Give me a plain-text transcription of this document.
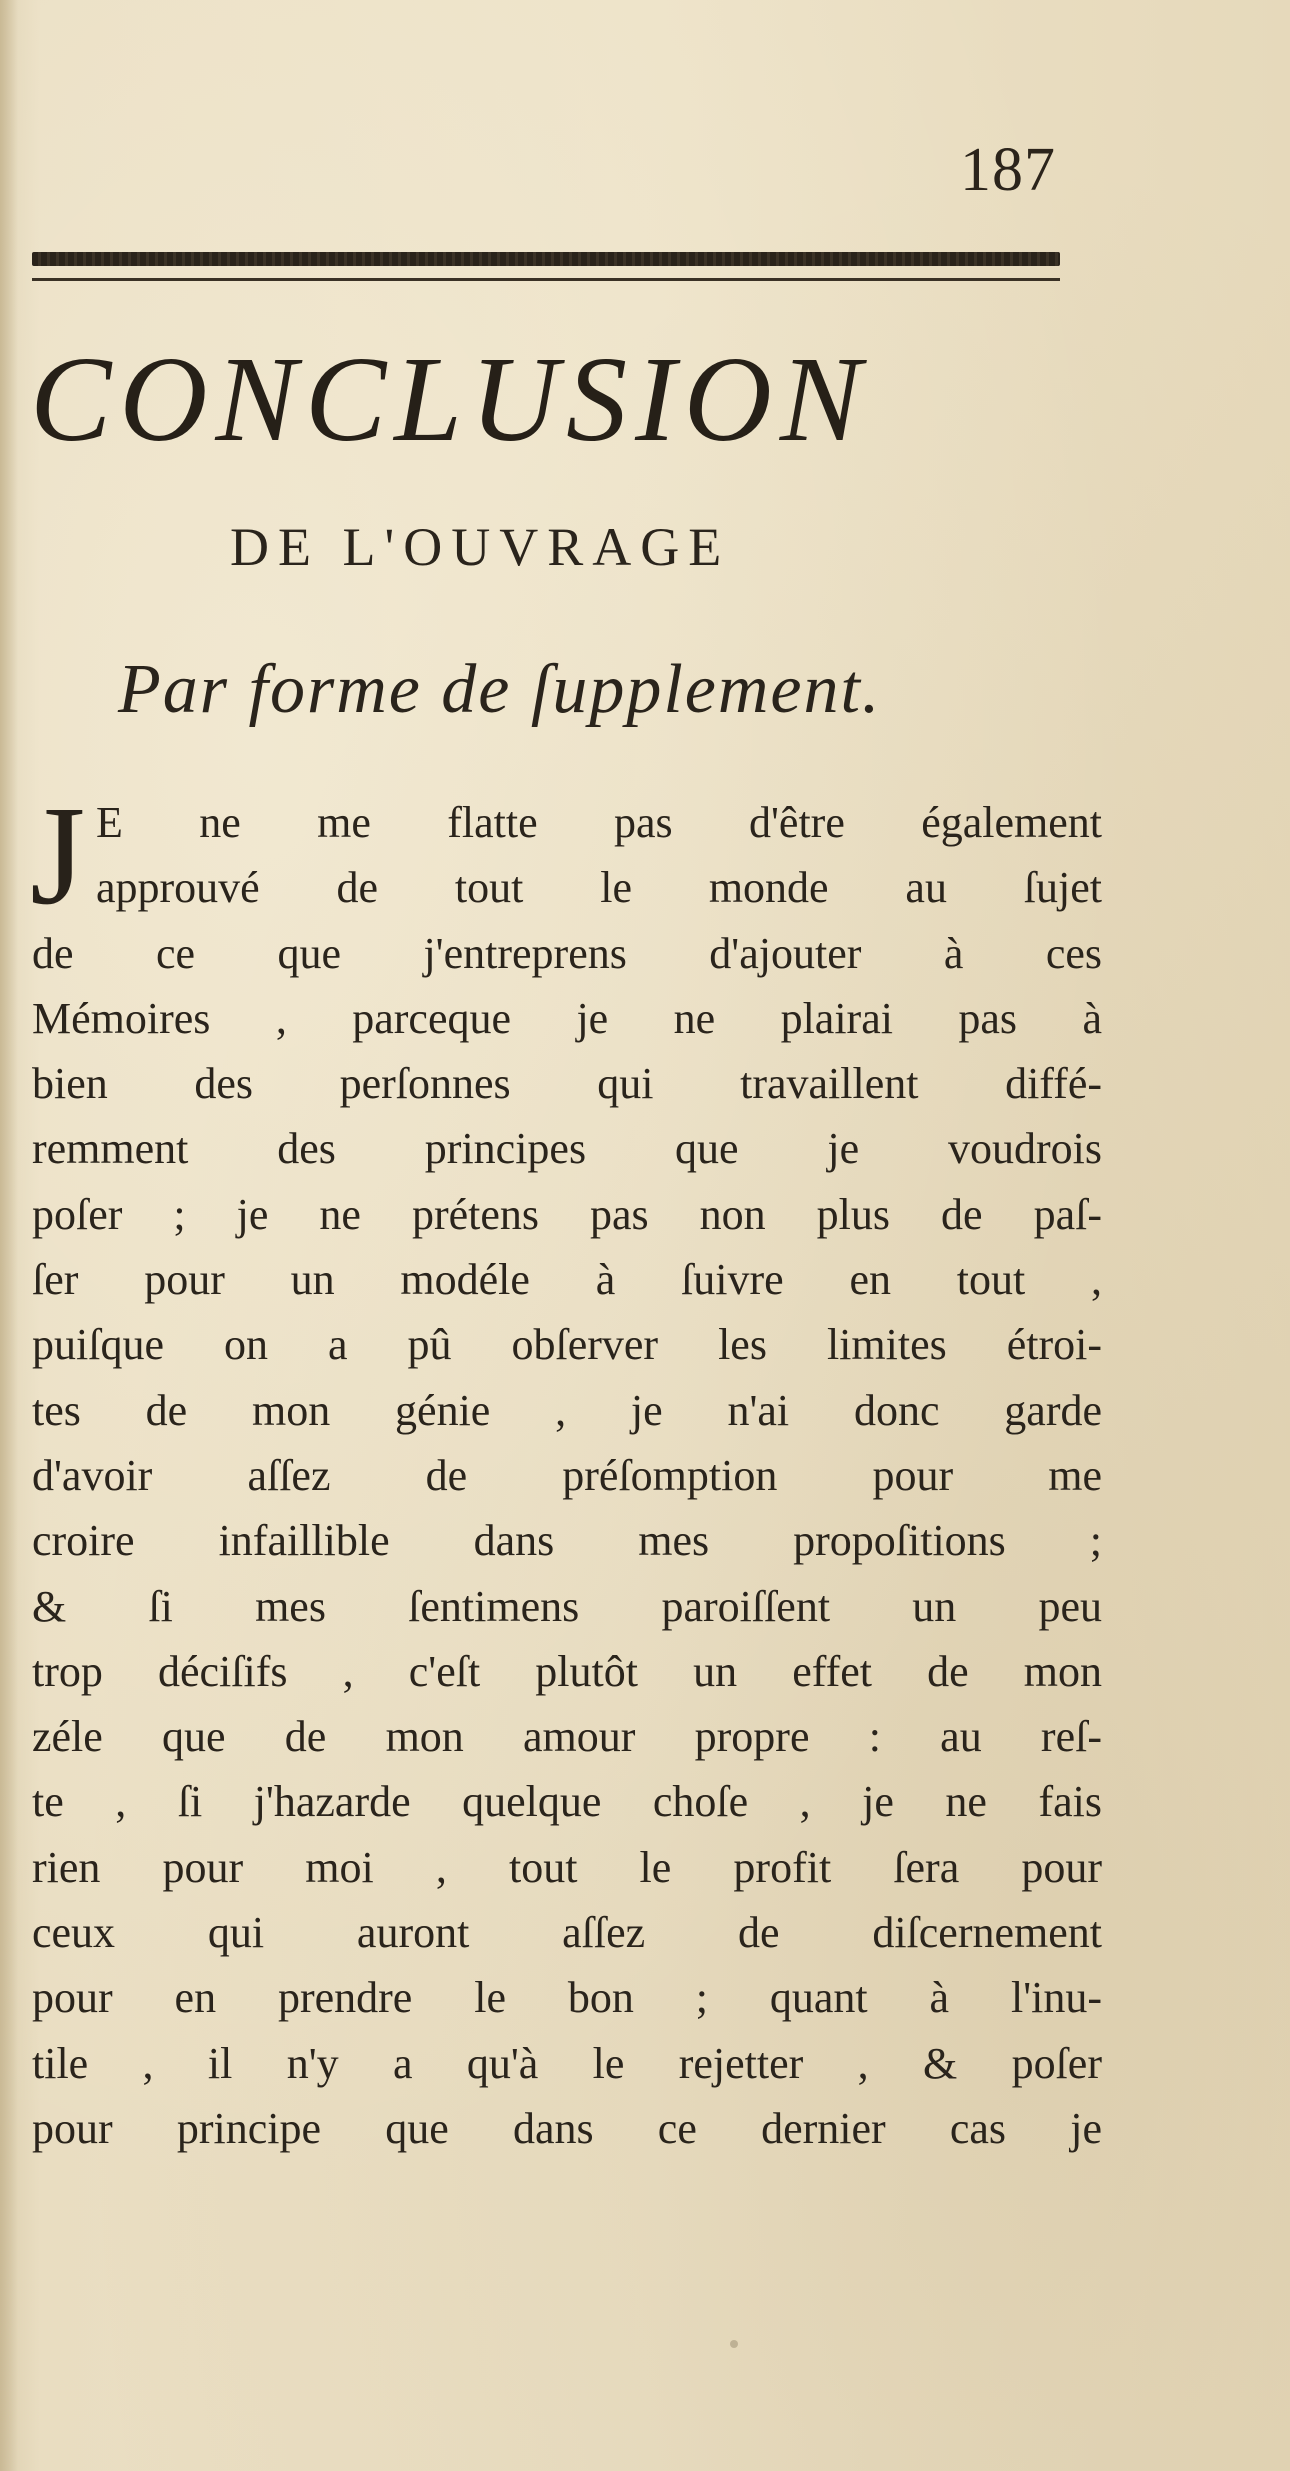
187
CONCLUSION
DE L'OUVRAGE
Par forme de ſupplement.
J E ne me flatte pas d'être également
approuvé de tout le monde au ſujet
de ce que j'entreprens d'ajouter à ces
Mémoires , parceque je ne plairai pas à
bien des perſonnes qui travaillent diffé-
remment des principes que je voudrois
poſer ; je ne prétens pas non plus de paſ-
ſer pour un modéle à ſuivre en tout ,
puiſque on a pû obſerver les limites étroi-
tes de mon génie , je n'ai donc garde
d'avoir aſſez de préſomption pour me
croire infaillible dans mes propoſitions ;
& ſi mes ſentimens paroiſſent un peu
trop déciſifs , c'eſt plutôt un effet de mon
zéle que de mon amour propre : au reſ-
te , ſi j'hazarde quelque choſe , je ne fais
rien pour moi , tout le profit ſera pour
ceux qui auront aſſez de diſcernement
pour en prendre le bon ; quant à l'inu-
tile , il n'y a qu'à le rejetter , & poſer
pour principe que dans ce dernier cas je
